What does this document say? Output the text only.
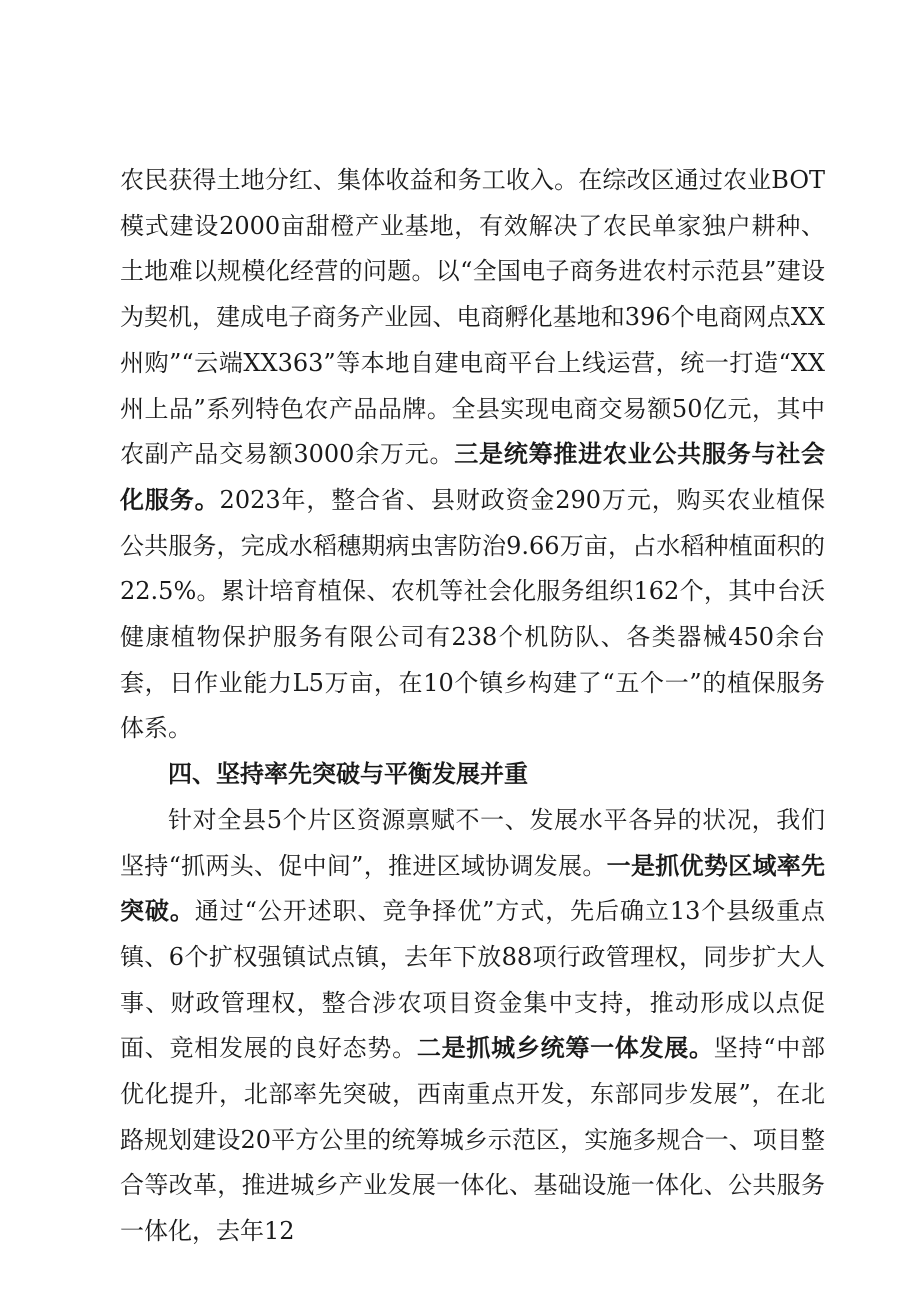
农民获得土地分红、集体收益和务工收入。在综改区通过农业BOT模式建设2000亩甜橙产业基地，有效解决了农民单家独户耕种、土地难以规模化经营的问题。以“全国电子商务进农村示范县”建设为契机，建成电子商务产业园、电商孵化基地和396个电商网点XX州购”“云端XX363”等本地自建电商平台上线运营，统一打造“XX州上品”系列特色农产品品牌。全县实现电商交易额50亿元，其中农副产品交易额3000余万元。三是统筹推进农业公共服务与社会化服务。2023年，整合省、县财政资金290万元，购买农业植保公共服务，完成水稻穗期病虫害防治9.66万亩，占水稻种植面积的22.5%。累计培育植保、农机等社会化服务组织162个，其中台沃健康植物保护服务有限公司有238个机防队、各类器械450余台套，日作业能力L5万亩，在10个镇乡构建了“五个一”的植保服务体系。

四、坚持率先突破与平衡发展并重

针对全县5个片区资源禀赋不一、发展水平各异的状况，我们坚持“抓两头、促中间”，推进区域协调发展。一是抓优势区域率先突破。通过“公开述职、竞争择优”方式，先后确立13个县级重点镇、6个扩权强镇试点镇，去年下放88项行政管理权，同步扩大人事、财政管理权，整合涉农项目资金集中支持，推动形成以点促面、竞相发展的良好态势。二是抓城乡统筹一体发展。坚持“中部优化提升，北部率先突破，西南重点开发，东部同步发展”，在北路规划建设20平方公里的统筹城乡示范区，实施多规合一、项目整合等改革，推进城乡产业发展一体化、基础设施一体化、公共服务一体化，去年12
